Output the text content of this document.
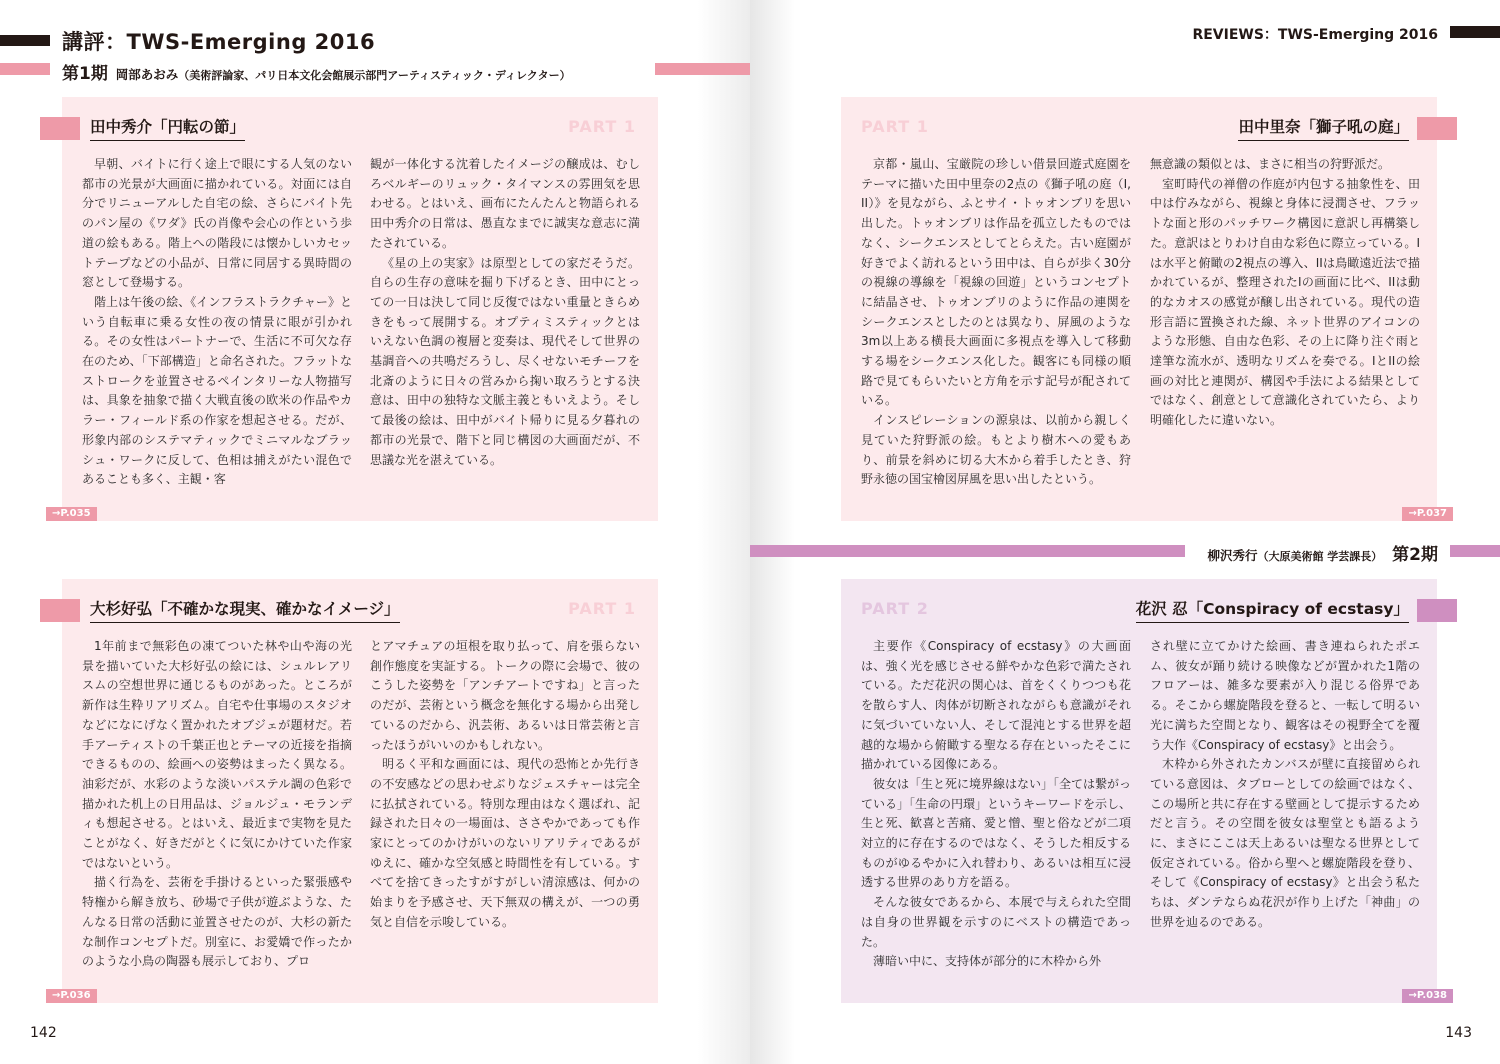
講評：TWS-Emerging 2016
第1期 岡部あおみ（美術評論家、パリ日本文化会館展示部門アーティスティック・ディレクター）
田中秀介「円転の節」	PART 1

早朝、バイトに行く途上で眼にする人気のない都市の光景が大画面に描かれている。対面には自分でリニューアルした自宅の絵、さらにバイト先のパン屋の《ワダ》氏の肖像や会心の作という歩道の絵もある。階上への階段には懐かしいカセットテープなどの小品が、日常に同居する異時間の窓として登場する。

階上は午後の絵、《インフラストラクチャー》という自転車に乗る女性の夜の情景に眼が引かれる。その女性はパートナーで、生活に不可欠な存在のため、「下部構造」と命名された。フラットなストロークを並置させるペインタリーな人物描写は、具象を抽象で描く大戦直後の欧米の作品やカラー・フィールド系の作家を想起させる。だが、形象内部のシステマティックでミニマルなブラッシュ・ワークに反して、色相は捕えがたい混色であることも多く、主観・客

観が一体化する沈着したイメージの醸成は、むしろベルギーのリュック・タイマンスの雰囲気を思わせる。とはいえ、画布にたんたんと物語られる田中秀介の日常は、愚直なまでに誠実な意志に満たされている。

《星の上の実家》は原型としての家だそうだ。自らの生存の意味を掘り下げるとき、田中にとっての一日は決して同じ反復ではない重量ときらめきをもって展開する。オプティミスティックとはいえない色調の複層と変奏は、現代そして世界の基調音への共鳴だろうし、尽くせないモチーフを北斎のように日々の営みから掬い取ろうとする決意は、田中の独特な文脈主義ともいえよう。そして最後の絵は、田中がバイト帰りに見る夕暮れの都市の光景で、階下と同じ構図の大画面だが、不思議な光を湛えている。

→P.035
大杉好弘「不確かな現実、確かなイメージ」	PART 1

1年前まで無彩色の凍てついた林や山や海の光景を描いていた大杉好弘の絵には、シュルレアリスムの空想世界に通じるものがあった。ところが新作は生粋リアリズム。自宅や仕事場のスタジオなどになにげなく置かれたオブジェが題材だ。若手アーティストの千葉正也とテーマの近接を指摘できるものの、絵画への姿勢はまったく異なる。油彩だが、水彩のような淡いパステル調の色彩で描かれた机上の日用品は、ジョルジュ・モランディも想起させる。とはいえ、最近まで実物を見たことがなく、好きだがとくに気にかけていた作家ではないという。

描く行為を、芸術を手掛けるといった緊張感や特権から解き放ち、砂場で子供が遊ぶような、たんなる日常の活動に並置させたのが、大杉の新たな制作コンセプトだ。別室に、お愛嬌で作ったかのような小鳥の陶器も展示しており、プロ

とアマチュアの垣根を取り払って、肩を張らない創作態度を実証する。トークの際に会場で、彼のこうした姿勢を「アンチアートですね」と言ったのだが、芸術という概念を無化する場から出発しているのだから、汎芸術、あるいは日常芸術と言ったほうがいいのかもしれない。

明るく平和な画面には、現代の恐怖とか先行きの不安感などの思わせぶりなジェスチャーは完全に払拭されている。特別な理由はなく選ばれ、記録された日々の一場面は、ささやかであっても作家にとってのかけがいのないリアリティであるがゆえに、確かな空気感と時間性を有している。すべてを捨てきったすがすがしい清涼感は、何かの始まりを予感させ、天下無双の構えが、一つの勇気と自信を示唆している。

→P.036
142
REVIEWS：TWS-Emerging 2016
田中里奈「獅子吼の庭」
PART 1

京都・嵐山、宝厳院の珍しい借景回遊式庭園をテーマに描いた田中里奈の2点の《獅子吼の庭（I, II）》を見ながら、ふとサイ・トゥオンブリを思い出した。トゥオンブリは作品を孤立したものではなく、シークエンスとしてとらえた。古い庭園が好きでよく訪れるという田中は、自らが歩く30分の視線の導線を「視線の回遊」というコンセプトに結晶させ、トゥオンブリのように作品の連関をシークエンスとしたのとは異なり、屏風のような3m以上ある横長大画面に多視点を導入して移動する場をシークエンス化した。観客にも同様の順路で見てもらいたいと方角を示す記号が配されている。

インスピレーションの源泉は、以前から親しく見ていた狩野派の絵。もとより樹木への愛もあり、前景を斜めに切る大木から着手したとき、狩野永徳の国宝檜図屏風を思い出したという。

無意識の類似とは、まさに相当の狩野派だ。

室町時代の禅僧の作庭が内包する抽象性を、田中は佇みながら、視線と身体に浸潤させ、フラットな面と形のパッチワーク構図に意訳し再構築した。意訳はとりわけ自由な彩色に際立っている。Iは水平と俯瞰の2視点の導入、IIは鳥瞰遠近法で描かれているが、整理されたIの画面に比べ、IIは動的なカオスの感覚が醸し出されている。現代の造形言語に置換された線、ネット世界のアイコンのような形態、自由な色彩、その上に降り注ぐ雨と達筆な流水が、透明なリズムを奏でる。IとIIの絵画の対比と連関が、構図や手法による結果としてではなく、創意として意識化されていたら、より明確化したに違いない。

→P.037
柳沢秀行（大原美術館 学芸課長） 第2期
花沢 忍「Conspiracy of ecstasy」
PART 2

主要作《Conspiracy of ecstasy》の大画面は、強く光を感じさせる鮮やかな色彩で満たされている。ただ花沢の関心は、首をくくりつつも花を散らす人、肉体が切断されながらも意識がそれに気づいていない人、そして混沌とする世界を超越的な場から俯瞰する聖なる存在といったそこに描かれている図像にある。

彼女は「生と死に境界線はない」「全ては繋がっている」「生命の円環」というキーワードを示し、生と死、歓喜と苦痛、愛と憎、聖と俗などが二項対立的に存在するのではなく、そうした相反するものがゆるやかに入れ替わり、あるいは相互に浸透する世界のあり方を語る。

そんな彼女であるから、本展で与えられた空間は自身の世界観を示すのにベストの構造であった。

薄暗い中に、支持体が部分的に木枠から外

され壁に立てかけた絵画、書き連ねられたポエム、彼女が踊り続ける映像などが置かれた1階のフロアーは、雑多な要素が入り混じる俗界である。そこから螺旋階段を登ると、一転して明るい光に満ちた空間となり、観客はその視野全てを覆う大作《Conspiracy of ecstasy》と出会う。

木枠から外されたカンバスが壁に直接留められている意図は、タブローとしての絵画ではなく、この場所と共に存在する壁画として提示するためだと言う。その空間を彼女は聖堂とも語るように、まさにここは天上あるいは聖なる世界として仮定されている。俗から聖へと螺旋階段を登り、そして《Conspiracy of ecstasy》と出会う私たちは、ダンテならぬ花沢が作り上げた「神曲」の世界を辿るのである。

→P.038
143
